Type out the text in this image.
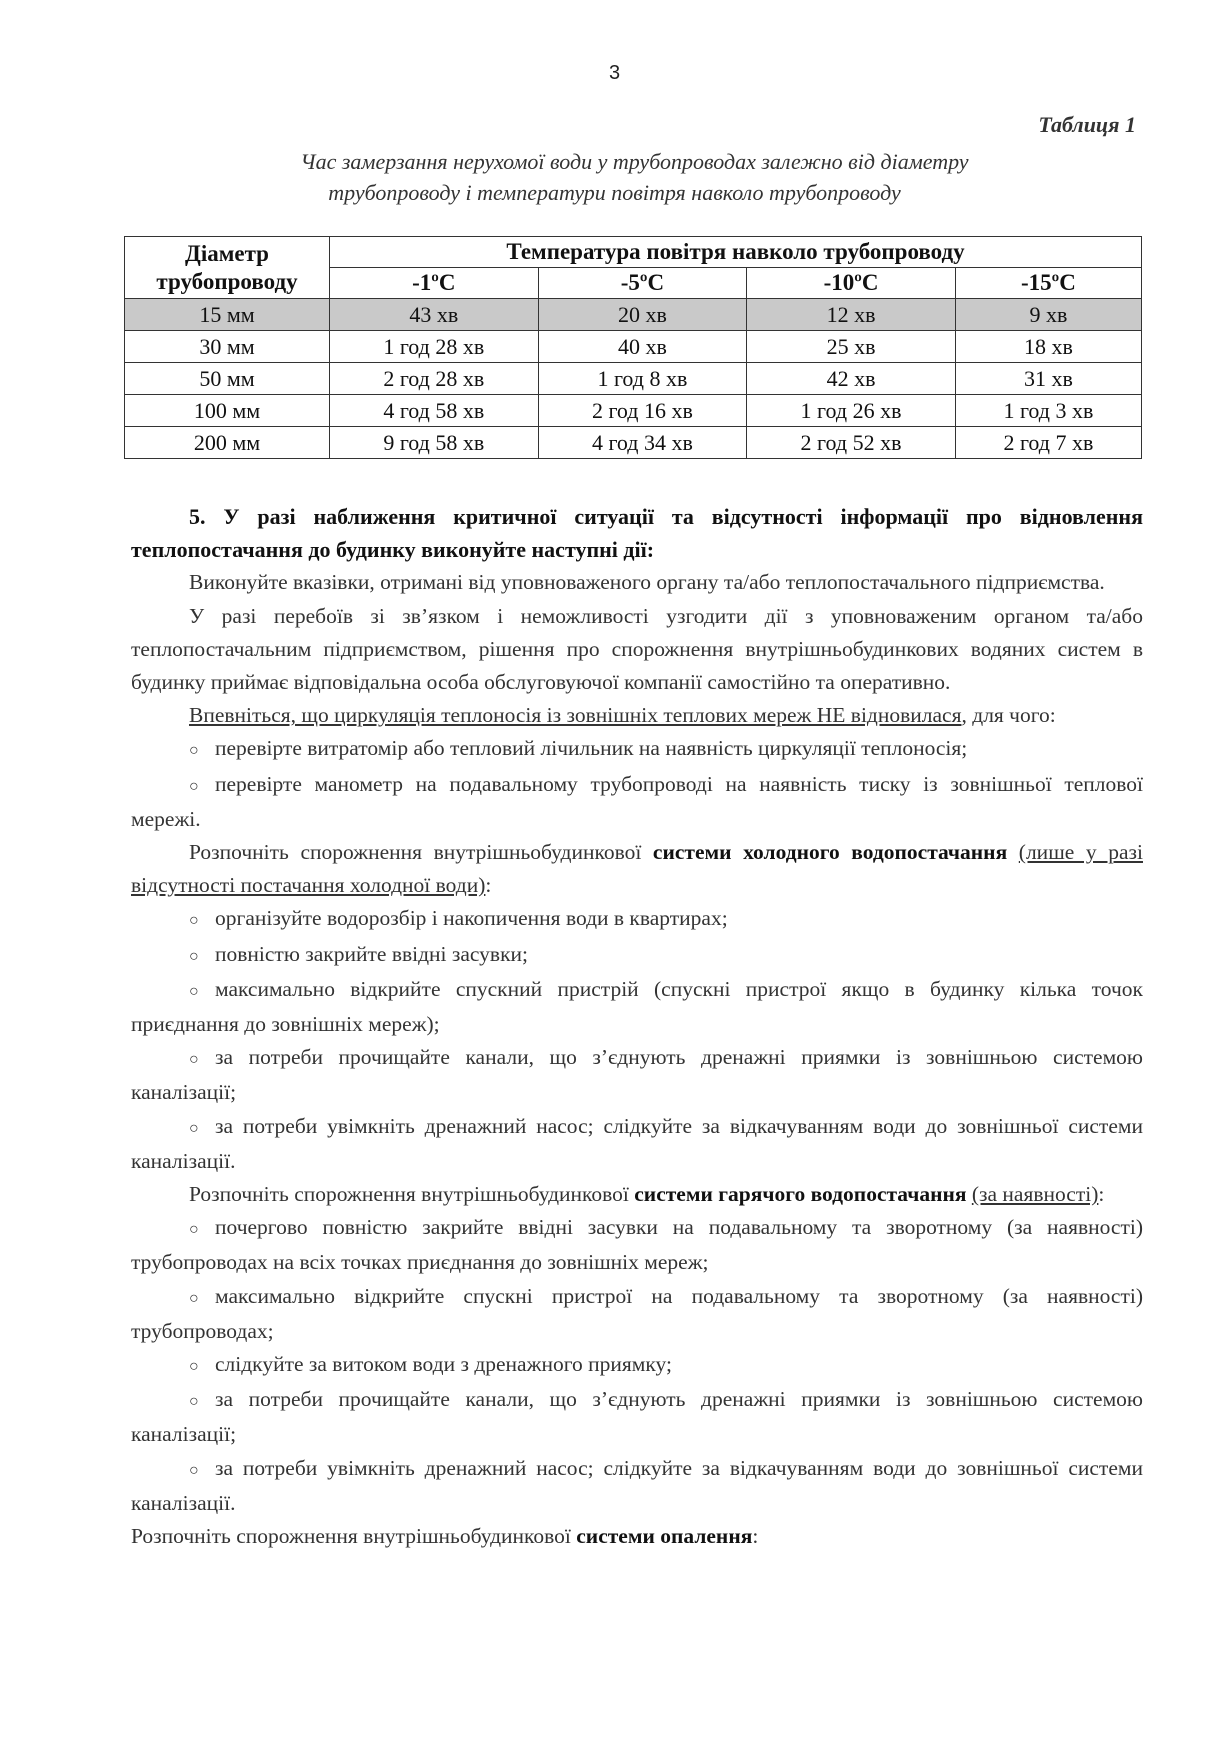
3
Таблиця 1
Час замерзання нерухомої води у трубопроводах залежно від діаметру
трубопроводу і температури повітря навколо трубопроводу
Діаметр трубопроводу	Температура повітря навколо трубопроводу			
	-1ºC	-5ºC	-10ºC	-15ºC
15 мм	43 хв	20 хв	12 хв	9 хв
30 мм	1 год 28 хв	40 хв	25 хв	18 хв
50 мм	2 год 28 хв	1 год 8 хв	42 хв	31 хв
100 мм	4 год 58 хв	2 год 16 хв	1 год 26 хв	1 год 3 хв
200 мм	9 год 58 хв	4 год 34 хв	2 год 52 хв	2 год 7 хв

5. У разі наближення критичної ситуації та відсутності інформації про відновлення теплопостачання до будинку виконуйте наступні дії:

Виконуйте вказівки, отримані від уповноваженого органу та/або теплопостачального підприємства.

У разі перебоїв зі зв’язком і неможливості узгодити дії з уповноваженим органом та/або теплопостачальним підприємством, рішення про спорожнення внутрішньобудинкових водяних систем в будинку приймає відповідальна особа обслуговуючої компанії самостійно та оперативно.

Впевніться, що циркуляція теплоносія із зовнішніх теплових мереж НЕ відновилася, для чого:

○ перевірте витратомір або тепловий лічильник на наявність циркуляції теплоносія;

○ перевірте манометр на подавальному трубопроводі на наявність тиску із зовнішньої теплової мережі.

Розпочніть спорожнення внутрішньобудинкової системи холодного водопостачання (лише у разі відсутності постачання холодної води):

○ організуйте водорозбір і накопичення води в квартирах;

○ повністю закрийте ввідні засувки;

○ максимально відкрийте спускний пристрій (спускні пристрої якщо в будинку кілька точок приєднання до зовнішніх мереж);

○ за потреби прочищайте канали, що з’єднують дренажні приямки із зовнішньою системою каналізації;

○ за потреби увімкніть дренажний насос; слідкуйте за відкачуванням води до зовнішньої системи каналізації.

Розпочніть спорожнення внутрішньобудинкової системи гарячого водопостачання (за наявності):

○ почергово повністю закрийте ввідні засувки на подавальному та зворотному (за наявності) трубопроводах на всіх точках приєднання до зовнішніх мереж;

○ максимально відкрийте спускні пристрої на подавальному та зворотному (за наявності) трубопроводах;

○ слідкуйте за витоком води з дренажного приямку;

○ за потреби прочищайте канали, що з’єднують дренажні приямки із зовнішньою системою каналізації;

○ за потреби увімкніть дренажний насос; слідкуйте за відкачуванням води до зовнішньої системи каналізації.

Розпочніть спорожнення внутрішньобудинкової системи опалення:
